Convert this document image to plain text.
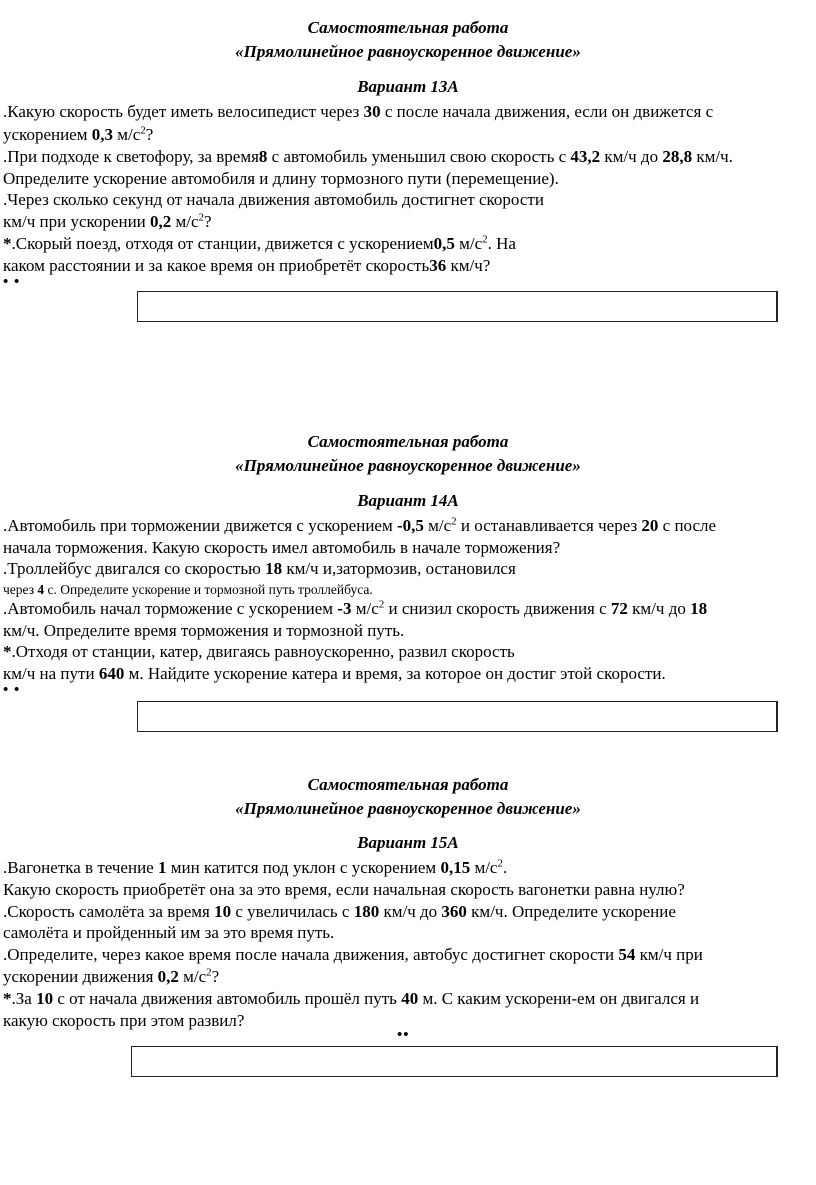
Самостоятельная работа
«Прямолинейное равноускоренное движение»
Вариант 13А
.Какую скорость будет иметь велосипедист через 30 с после начала движения, если он движется с
ускорением 0,3 $м/с^2$?
.При подходе к светофору, за время8 с автомобиль уменьшил свою скорость с 43,2 км/ч до 28,8 км/ч.
Определите ускорение автомобиля и длину тормозного пути (перемещение).
.Через сколько секунд от начала движения автомобиль достигнет скорости
км/ч при ускорении 0,2 $м/с^2$?
*.Скорый поезд, отходя от станции, движется с ускорением0,5 $м/с^2$. На
каком расстоянии и за какое время он приобретёт скорость36 км/ч?
• •
Самостоятельная работа
«Прямолинейное равноускоренное движение»
Вариант 14А
.Автомобиль при торможении движется с ускорением -0,5 $м/с^2$ и останавливается через 20 с после
начала торможения. Какую скорость имел автомобиль в начале торможения?
.Троллейбус двигался со скоростью 18 км/ч и,затормозив, остановился
через 4 с. Определите ускорение и тормозной путь троллейбуса.
.Автомобиль начал торможение с ускорением -3 $м/с^2$ и снизил скорость движения с 72 км/ч до 18
км/ч. Определите время торможения и тормозной путь.
*.Отходя от станции, катер, двигаясь равноускоренно, развил скорость
км/ч на пути 640 м. Найдите ускорение катера и время, за которое он достиг этой скорости.
• •
Самостоятельная работа
«Прямолинейное равноускоренное движение»
Вариант 15А
.Вагонетка в течение 1 мин катится под уклон с ускорением 0,15 $м/с^2$.
Какую скорость приобретёт она за это время, если начальная скорость вагонетки равна нулю?
.Скорость самолёта за время 10 с увеличилась с 180 км/ч до 360 км/ч. Определите ускорение
самолёта и пройденный им за это время путь.
.Определите, через какое время после начала движения, автобус достигнет скорости 54 км/ч при
ускорении движения 0,2 $м/с^2$?
*.За 10 с от начала движения автомобиль прошёл путь 40 м. С каким ускорени-ем он двигался и
какую скорость при этом развил?
••
